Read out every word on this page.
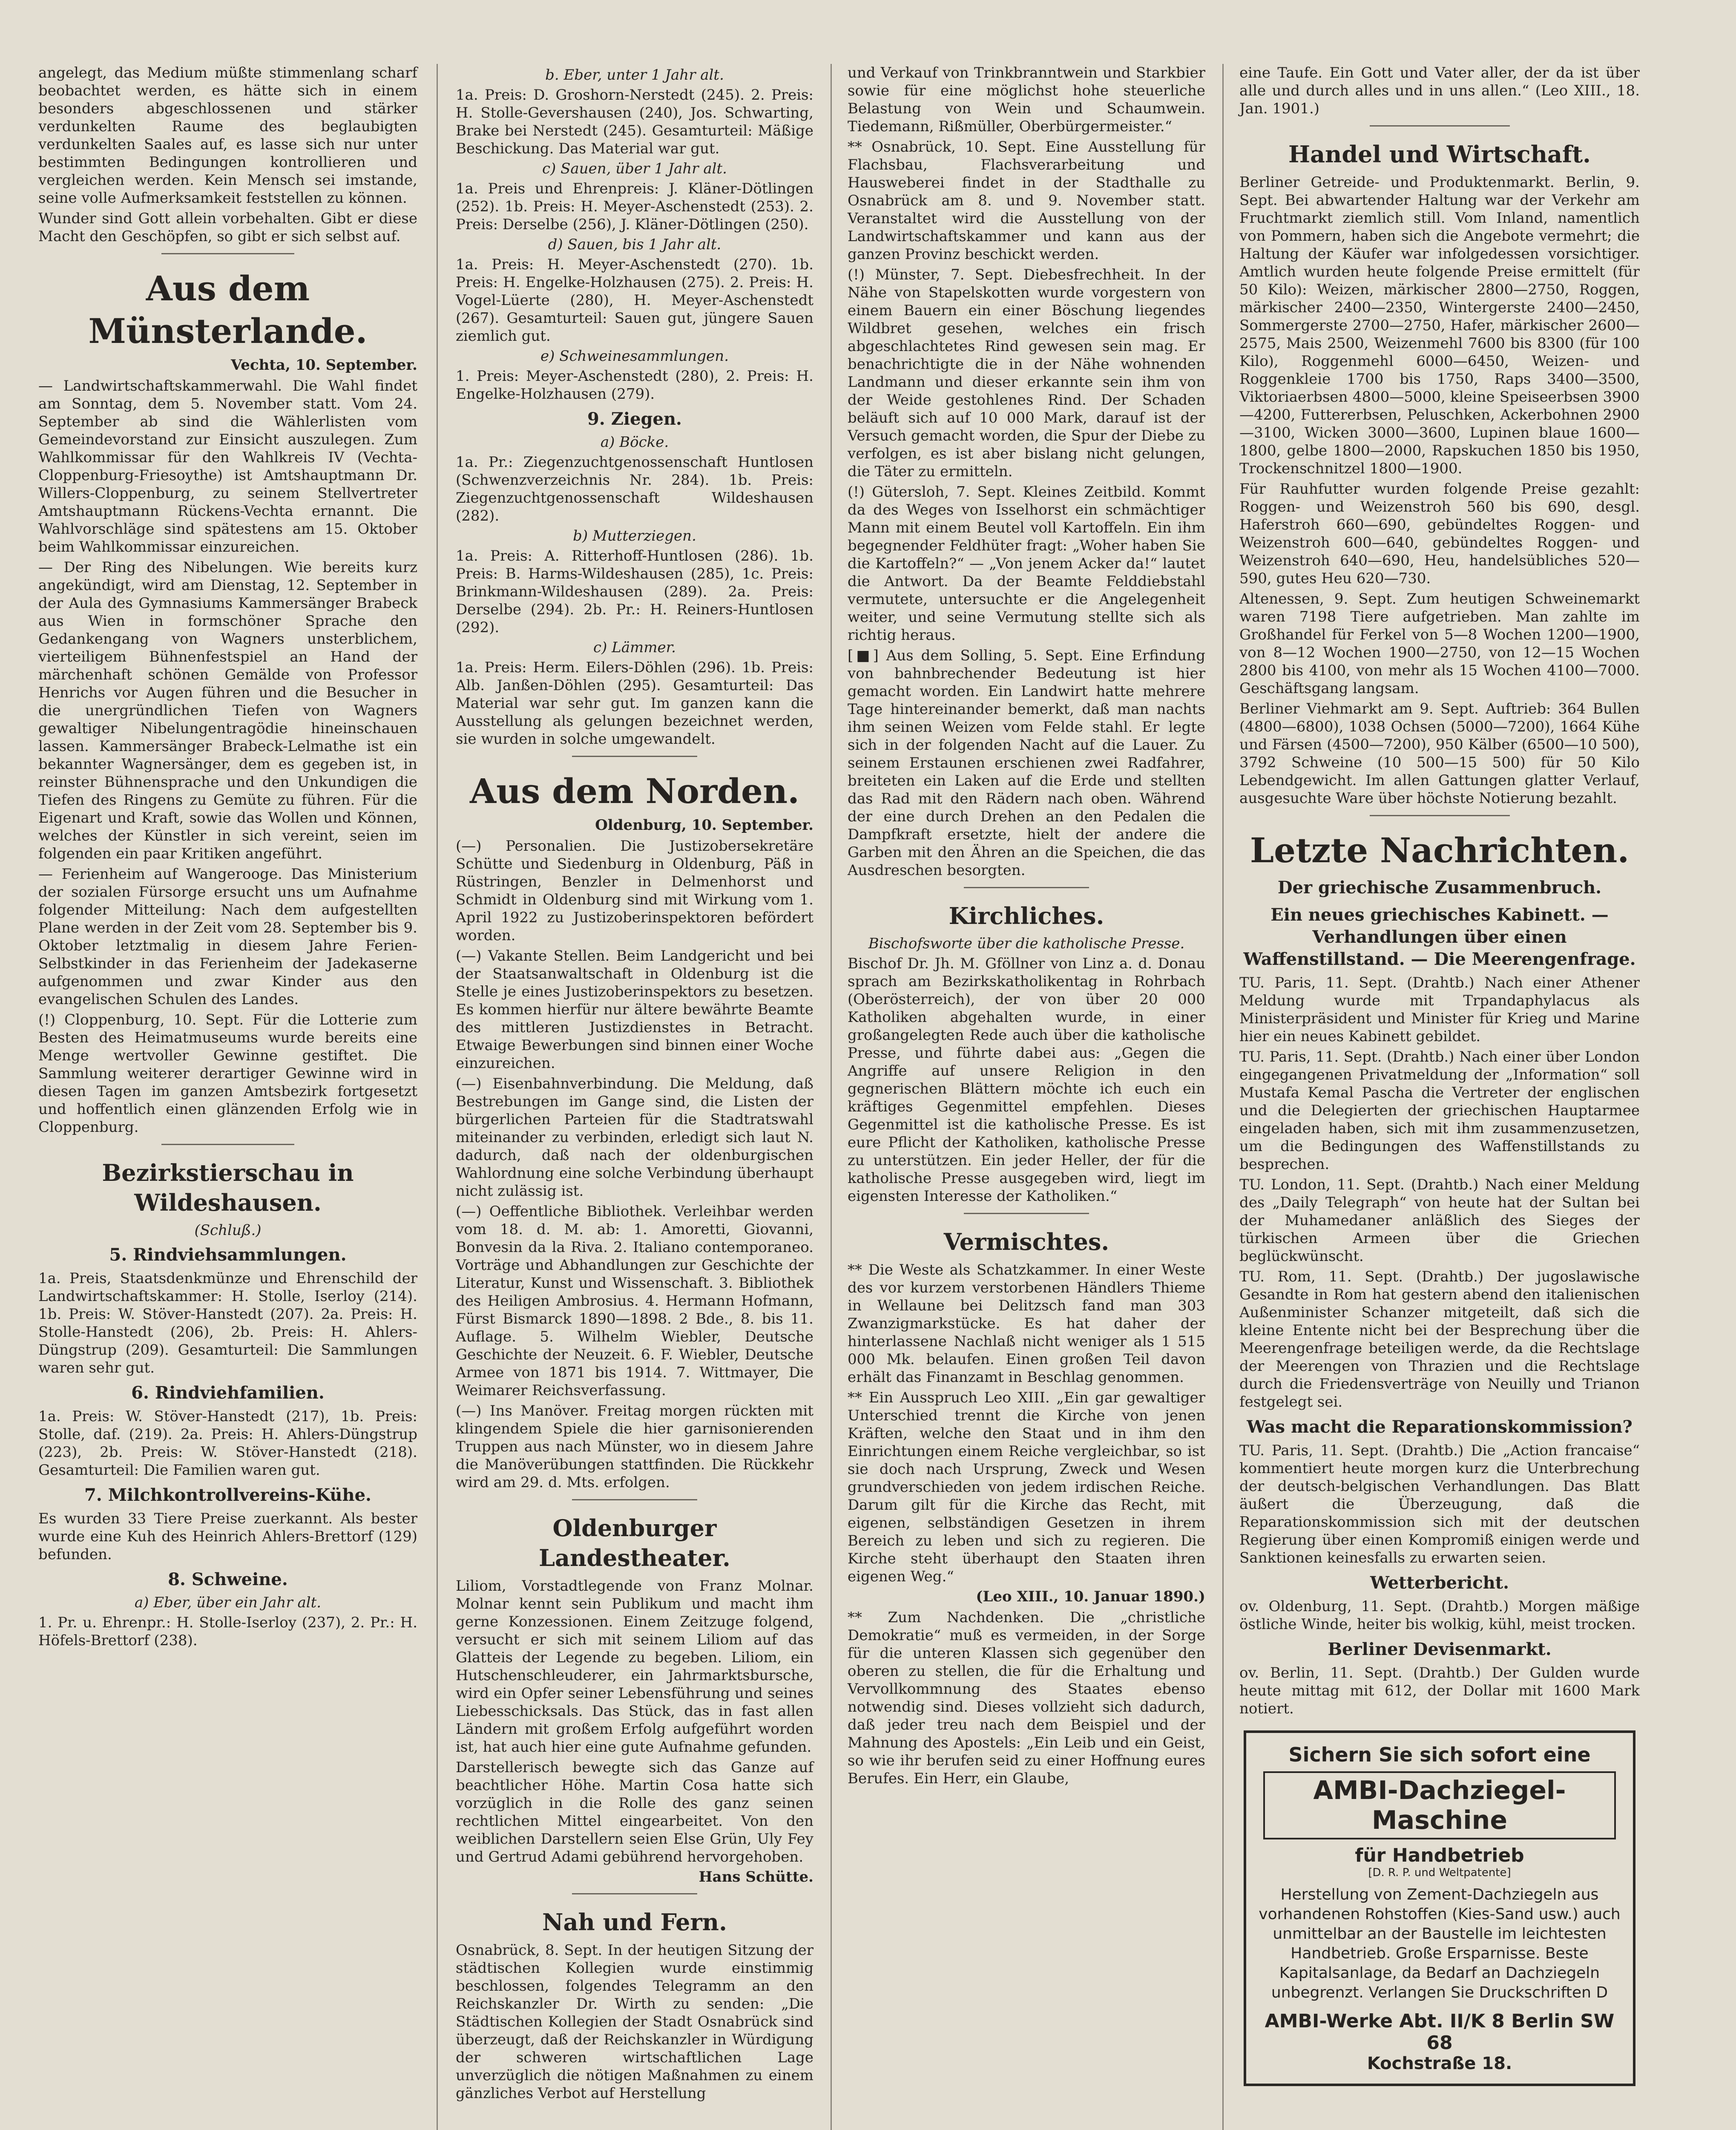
angelegt, das Medium müßte stimmenlang scharf beobachtet werden, es hätte sich in einem besonders abgeschlossenen und stärker verdunkelten Raume des beglaubigten verdunkelten Saales auf, es lasse sich nur unter bestimmten Bedingungen kontrollieren und vergleichen werden. Kein Mensch sei imstande, seine volle Aufmerksamkeit feststellen zu können.

Wunder sind Gott allein vorbehalten. Gibt er diese Macht den Geschöpfen, so gibt er sich selbst auf.

Aus dem Münsterlande.
Vechta, 10. September.

— Landwirtschaftskammerwahl. Die Wahl findet am Sonntag, dem 5. November statt. Vom 24. September ab sind die Wählerlisten vom Gemeindevorstand zur Einsicht auszulegen. Zum Wahlkommissar für den Wahlkreis IV (Vechta-Cloppenburg-Friesoythe) ist Amtshauptmann Dr. Willers-Cloppenburg, zu seinem Stellvertreter Amtshauptmann Rückens-Vechta ernannt. Die Wahlvorschläge sind spätestens am 15. Oktober beim Wahlkommissar einzureichen.

— Der Ring des Nibelungen. Wie bereits kurz angekündigt, wird am Dienstag, 12. September in der Aula des Gymnasiums Kammersänger Brabeck aus Wien in formschöner Sprache den Gedankengang von Wagners unsterblichem, vierteiligem Bühnenfestspiel an Hand der märchenhaft schönen Gemälde von Professor Henrichs vor Augen führen und die Besucher in die unergründlichen Tiefen von Wagners gewaltiger Nibelungentragödie hineinschauen lassen. Kammersänger Brabeck-Lelmathe ist ein bekannter Wagnersänger, dem es gegeben ist, in reinster Bühnensprache und den Unkundigen die Tiefen des Ringens zu Gemüte zu führen. Für die Eigenart und Kraft, sowie das Wollen und Können, welches der Künstler in sich vereint, seien im folgenden ein paar Kritiken angeführt.

— Ferienheim auf Wangerooge. Das Ministerium der sozialen Fürsorge ersucht uns um Aufnahme folgender Mitteilung: Nach dem aufgestellten Plane werden in der Zeit vom 28. September bis 9. Oktober letztmalig in diesem Jahre Ferien-Selbstkinder in das Ferienheim der Jadekaserne aufgenommen und zwar Kinder aus den evangelischen Schulen des Landes.

(!) Cloppenburg, 10. Sept. Für die Lotterie zum Besten des Heimatmuseums wurde bereits eine Menge wertvoller Gewinne gestiftet. Die Sammlung weiterer derartiger Gewinne wird in diesen Tagen im ganzen Amtsbezirk fortgesetzt und hoffentlich einen glänzenden Erfolg wie in Cloppenburg.

Bezirkstierschau in Wildeshausen.
(Schluß.)
5. Rindviehsammlungen.

1a. Preis, Staatsdenkmünze und Ehrenschild der Landwirtschaftskammer: H. Stolle, Iserloy (214). 1b. Preis: W. Stöver-Hanstedt (207). 2a. Preis: H. Stolle-Hanstedt (206), 2b. Preis: H. Ahlers-Düngstrup (209). Gesamturteil: Die Sammlungen waren sehr gut.

6. Rindviehfamilien.

1a. Preis: W. Stöver-Hanstedt (217), 1b. Preis: Stolle, daf. (219). 2a. Preis: H. Ahlers-Düngstrup (223), 2b. Preis: W. Stöver-Hanstedt (218). Gesamturteil: Die Familien waren gut.

7. Milchkontrollvereins-Kühe.

Es wurden 33 Tiere Preise zuerkannt. Als bester wurde eine Kuh des Heinrich Ahlers-Brettorf (129) befunden.

8. Schweine.
a) Eber, über ein Jahr alt.

1. Pr. u. Ehrenpr.: H. Stolle-Iserloy (237), 2. Pr.: H. Höfels-Brettorf (238).

b. Eber, unter 1 Jahr alt.

1a. Preis: D. Groshorn-Nerstedt (245). 2. Preis: H. Stolle-Gevershausen (240), Jos. Schwarting, Brake bei Nerstedt (245). Gesamturteil: Mäßige Beschickung. Das Material war gut.

c) Sauen, über 1 Jahr alt.

1a. Preis und Ehrenpreis: J. Kläner-Dötlingen (252). 1b. Preis: H. Meyer-Aschenstedt (253). 2. Preis: Derselbe (256), J. Kläner-Dötlingen (250).

d) Sauen, bis 1 Jahr alt.

1a. Preis: H. Meyer-Aschenstedt (270). 1b. Preis: H. Engelke-Holzhausen (275). 2. Preis: H. Vogel-Lüerte (280), H. Meyer-Aschenstedt (267). Gesamturteil: Sauen gut, jüngere Sauen ziemlich gut.

e) Schweinesammlungen.

1. Preis: Meyer-Aschenstedt (280), 2. Preis: H. Engelke-Holzhausen (279).

9. Ziegen.
a) Böcke.

1a. Pr.: Ziegenzuchtgenossenschaft Huntlosen (Schwenzverzeichnis Nr. 284). 1b. Preis: Ziegenzuchtgenossenschaft Wildeshausen (282).

b) Mutterziegen.

1a. Preis: A. Ritterhoff-Huntlosen (286). 1b. Preis: B. Harms-Wildeshausen (285), 1c. Preis: Brinkmann-Wildeshausen (289). 2a. Preis: Derselbe (294). 2b. Pr.: H. Reiners-Huntlosen (292).

c) Lämmer.

1a. Preis: Herm. Eilers-Döhlen (296). 1b. Preis: Alb. Janßen-Döhlen (295). Gesamturteil: Das Material war sehr gut. Im ganzen kann die Ausstellung als gelungen bezeichnet werden, sie wurden in solche umgewandelt.

Aus dem Norden.
Oldenburg, 10. September.

(—) Personalien. Die Justizobersekretäre Schütte und Siedenburg in Oldenburg, Päß in Rüstringen, Benzler in Delmenhorst und Schmidt in Oldenburg sind mit Wirkung vom 1. April 1922 zu Justizoberinspektoren befördert worden.

(—) Vakante Stellen. Beim Landgericht und bei der Staatsanwaltschaft in Oldenburg ist die Stelle je eines Justizoberinspektors zu besetzen. Es kommen hierfür nur ältere bewährte Beamte des mittleren Justizdienstes in Betracht. Etwaige Bewerbungen sind binnen einer Woche einzureichen.

(—) Eisenbahnverbindung. Die Meldung, daß Bestrebungen im Gange sind, die Listen der bürgerlichen Parteien für die Stadtratswahl miteinander zu verbinden, erledigt sich laut N. dadurch, daß nach der oldenburgischen Wahlordnung eine solche Verbindung überhaupt nicht zulässig ist.

(—) Oeffentliche Bibliothek. Verleihbar werden vom 18. d. M. ab: 1. Amoretti, Giovanni, Bonvesin da la Riva. 2. Italiano contemporaneo. Vorträge und Abhandlungen zur Geschichte der Literatur, Kunst und Wissenschaft. 3. Bibliothek des Heiligen Ambrosius. 4. Hermann Hofmann, Fürst Bismarck 1890—1898. 2 Bde., 8. bis 11. Auflage. 5. Wilhelm Wiebler, Deutsche Geschichte der Neuzeit. 6. F. Wiebler, Deutsche Armee von 1871 bis 1914. 7. Wittmayer, Die Weimarer Reichsverfassung.

(—) Ins Manöver. Freitag morgen rückten mit klingendem Spiele die hier garnisonierenden Truppen aus nach Münster, wo in diesem Jahre die Manöverübungen stattfinden. Die Rückkehr wird am 29. d. Mts. erfolgen.

Oldenburger Landestheater.

Liliom, Vorstadtlegende von Franz Molnar. Molnar kennt sein Publikum und macht ihm gerne Konzessionen. Einem Zeitzuge folgend, versucht er sich mit seinem Liliom auf das Glatteis der Legende zu begeben. Liliom, ein Hutschenschleuderer, ein Jahrmarktsbursche, wird ein Opfer seiner Lebensführung und seines Liebesschicksals. Das Stück, das in fast allen Ländern mit großem Erfolg aufgeführt worden ist, hat auch hier eine gute Aufnahme gefunden.

Darstellerisch bewegte sich das Ganze auf beachtlicher Höhe. Martin Cosa hatte sich vorzüglich in die Rolle des ganz seinen rechtlichen Mittel eingearbeitet. Von den weiblichen Darstellern seien Else Grün, Uly Fey und Gertrud Adami gebührend hervorgehoben.

Hans Schütte.
Nah und Fern.

Osnabrück, 8. Sept. In der heutigen Sitzung der städtischen Kollegien wurde einstimmig beschlossen, folgendes Telegramm an den Reichskanzler Dr. Wirth zu senden: „Die Städtischen Kollegien der Stadt Osnabrück sind überzeugt, daß der Reichskanzler in Würdigung der schweren wirtschaftlichen Lage unverzüglich die nötigen Maßnahmen zu einem gänzliches Verbot auf Herstellung

und Verkauf von Trinkbranntwein und Starkbier sowie für eine möglichst hohe steuerliche Belastung von Wein und Schaumwein. Tiedemann, Rißmüller, Oberbürgermeister.“

** Osnabrück, 10. Sept. Eine Ausstellung für Flachsbau, Flachsverarbeitung und Hausweberei findet in der Stadthalle zu Osnabrück am 8. und 9. November statt. Veranstaltet wird die Ausstellung von der Landwirtschaftskammer und kann aus der ganzen Provinz beschickt werden.

(!) Münster, 7. Sept. Diebesfrechheit. In der Nähe von Stapelskotten wurde vorgestern von einem Bauern ein einer Böschung liegendes Wildbret gesehen, welches ein frisch abgeschlachtetes Rind gewesen sein mag. Er benachrichtigte die in der Nähe wohnenden Landmann und dieser erkannte sein ihm von der Weide gestohlenes Rind. Der Schaden beläuft sich auf 10 000 Mark, darauf ist der Versuch gemacht worden, die Spur der Diebe zu verfolgen, es ist aber bislang nicht gelungen, die Täter zu ermitteln.

(!) Gütersloh, 7. Sept. Kleines Zeitbild. Kommt da des Weges von Isselhorst ein schmächtiger Mann mit einem Beutel voll Kartoffeln. Ein ihm begegnender Feldhüter fragt: „Woher haben Sie die Kartoffeln?“ — „Von jenem Acker da!“ lautet die Antwort. Da der Beamte Felddiebstahl vermutete, untersuchte er die Angelegenheit weiter, und seine Vermutung stellte sich als richtig heraus.

[■] Aus dem Solling, 5. Sept. Eine Erfindung von bahnbrechender Bedeutung ist hier gemacht worden. Ein Landwirt hatte mehrere Tage hintereinander bemerkt, daß man nachts ihm seinen Weizen vom Felde stahl. Er legte sich in der folgenden Nacht auf die Lauer. Zu seinem Erstaunen erschienen zwei Radfahrer, breiteten ein Laken auf die Erde und stellten das Rad mit den Rädern nach oben. Während der eine durch Drehen an den Pedalen die Dampfkraft ersetzte, hielt der andere die Garben mit den Ähren an die Speichen, die das Ausdreschen besorgten.

Kirchliches.
Bischofsworte über die katholische Presse.

Bischof Dr. Jh. M. Gföllner von Linz a. d. Donau sprach am Bezirkskatholikentag in Rohrbach (Oberösterreich), der von über 20 000 Katholiken abgehalten wurde, in einer großangelegten Rede auch über die katholische Presse, und führte dabei aus: „Gegen die Angriffe auf unsere Religion in den gegnerischen Blättern möchte ich euch ein kräftiges Gegenmittel empfehlen. Dieses Gegenmittel ist die katholische Presse. Es ist eure Pflicht der Katholiken, katholische Presse zu unterstützen. Ein jeder Heller, der für die katholische Presse ausgegeben wird, liegt im eigensten Interesse der Katholiken.“

Vermischtes.

** Die Weste als Schatzkammer. In einer Weste des vor kurzem verstorbenen Händlers Thieme in Wellaune bei Delitzsch fand man 303 Zwanzigmarkstücke. Es hat daher der hinterlassene Nachlaß nicht weniger als 1 515 000 Mk. belaufen. Einen großen Teil davon erhält das Finanzamt in Beschlag genommen.

** Ein Ausspruch Leo XIII. „Ein gar gewaltiger Unterschied trennt die Kirche von jenen Kräften, welche den Staat und in ihm den Einrichtungen einem Reiche vergleichbar, so ist sie doch nach Ursprung, Zweck und Wesen grundverschieden von jedem irdischen Reiche. Darum gilt für die Kirche das Recht, mit eigenen, selbständigen Gesetzen in ihrem Bereich zu leben und sich zu regieren. Die Kirche steht überhaupt den Staaten ihren eigenen Weg.“

(Leo XIII., 10. Januar 1890.)

** Zum Nachdenken. Die „christliche Demokratie“ muß es vermeiden, in der Sorge für die unteren Klassen sich gegenüber den oberen zu stellen, die für die Erhaltung und Vervollkommnung des Staates ebenso notwendig sind. Dieses vollzieht sich dadurch, daß jeder treu nach dem Beispiel und der Mahnung des Apostels: „Ein Leib und ein Geist, so wie ihr berufen seid zu einer Hoffnung eures Berufes. Ein Herr, ein Glaube,

eine Taufe. Ein Gott und Vater aller, der da ist über alle und durch alles und in uns allen.“ (Leo XIII., 18. Jan. 1901.)

Handel und Wirtschaft.

Berliner Getreide- und Produktenmarkt. Berlin, 9. Sept. Bei abwartender Haltung war der Verkehr am Fruchtmarkt ziemlich still. Vom Inland, namentlich von Pommern, haben sich die Angebote vermehrt; die Haltung der Käufer war infolgedessen vorsichtiger. Amtlich wurden heute folgende Preise ermittelt (für 50 Kilo): Weizen, märkischer 2800—2750, Roggen, märkischer 2400—2350, Wintergerste 2400—2450, Sommergerste 2700—2750, Hafer, märkischer 2600—2575, Mais 2500, Weizenmehl 7600 bis 8300 (für 100 Kilo), Roggenmehl 6000—6450, Weizen- und Roggenkleie 1700 bis 1750, Raps 3400—3500, Viktoriaerbsen 4800—5000, kleine Speiseerbsen 3900—4200, Futtererbsen, Peluschken, Ackerbohnen 2900—3100, Wicken 3000—3600, Lupinen blaue 1600—1800, gelbe 1800—2000, Rapskuchen 1850 bis 1950, Trockenschnitzel 1800—1900.

Für Rauhfutter wurden folgende Preise gezahlt: Roggen- und Weizenstroh 560 bis 690, desgl. Haferstroh 660—690, gebündeltes Roggen- und Weizenstroh 600—640, gebündeltes Roggen- und Weizenstroh 640—690, Heu, handelsübliches 520—590, gutes Heu 620—730.

Altenessen, 9. Sept. Zum heutigen Schweinemarkt waren 7198 Tiere aufgetrieben. Man zahlte im Großhandel für Ferkel von 5—8 Wochen 1200—1900, von 8—12 Wochen 1900—2750, von 12—15 Wochen 2800 bis 4100, von mehr als 15 Wochen 4100—7000. Geschäftsgang langsam.

Berliner Viehmarkt am 9. Sept. Auftrieb: 364 Bullen (4800—6800), 1038 Ochsen (5000—7200), 1664 Kühe und Färsen (4500—7200), 950 Kälber (6500—10 500), 3792 Schweine (10 500—15 500) für 50 Kilo Lebendgewicht. Im allen Gattungen glatter Verlauf, ausgesuchte Ware über höchste Notierung bezahlt.

Letzte Nachrichten.
Der griechische Zusammenbruch.
Ein neues griechisches Kabinett. — Verhandlungen über einen Waffenstillstand. — Die Meerengenfrage.

TU. Paris, 11. Sept. (Drahtb.) Nach einer Athener Meldung wurde mit Trpandaphylacus als Ministerpräsident und Minister für Krieg und Marine hier ein neues Kabinett gebildet.

TU. Paris, 11. Sept. (Drahtb.) Nach einer über London eingegangenen Privatmeldung der „Information“ soll Mustafa Kemal Pascha die Vertreter der englischen und die Delegierten der griechischen Hauptarmee eingeladen haben, sich mit ihm zusammenzusetzen, um die Bedingungen des Waffenstillstands zu besprechen.

TU. London, 11. Sept. (Drahtb.) Nach einer Meldung des „Daily Telegraph“ von heute hat der Sultan bei der Muhamedaner anläßlich des Sieges der türkischen Armeen über die Griechen beglückwünscht.

TU. Rom, 11. Sept. (Drahtb.) Der jugoslawische Gesandte in Rom hat gestern abend den italienischen Außenminister Schanzer mitgeteilt, daß sich die kleine Entente nicht bei der Besprechung über die Meerengenfrage beteiligen werde, da die Rechtslage der Meerengen von Thrazien und die Rechtslage durch die Friedensverträge von Neuilly und Trianon festgelegt sei.

Was macht die Reparationskommission?

TU. Paris, 11. Sept. (Drahtb.) Die „Action francaise“ kommentiert heute morgen kurz die Unterbrechung der deutsch-belgischen Verhandlungen. Das Blatt äußert die Überzeugung, daß die Reparationskommission sich mit der deutschen Regierung über einen Kompromiß einigen werde und Sanktionen keinesfalls zu erwarten seien.

Wetterbericht.

ov. Oldenburg, 11. Sept. (Drahtb.) Morgen mäßige östliche Winde, heiter bis wolkig, kühl, meist trocken.

Berliner Devisenmarkt.

ov. Berlin, 11. Sept. (Drahtb.) Der Gulden wurde heute mittag mit 612, der Dollar mit 1600 Mark notiert.

Sichern Sie sich sofort eine
AMBI-Dachziegel-Maschine
für Handbetrieb
[D. R. P. und Weltpatente]
Herstellung von Zement-Dachziegeln aus vorhandenen Rohstoffen (Kies-Sand usw.) auch unmittelbar an der Baustelle im leichtesten Handbetrieb. Große Ersparnisse. Beste Kapitalsanlage, da Bedarf an Dachziegeln unbegrenzt. Verlangen Sie Druckschriften D
AMBI-Werke Abt. II/K 8 Berlin SW 68
Kochstraße 18.
